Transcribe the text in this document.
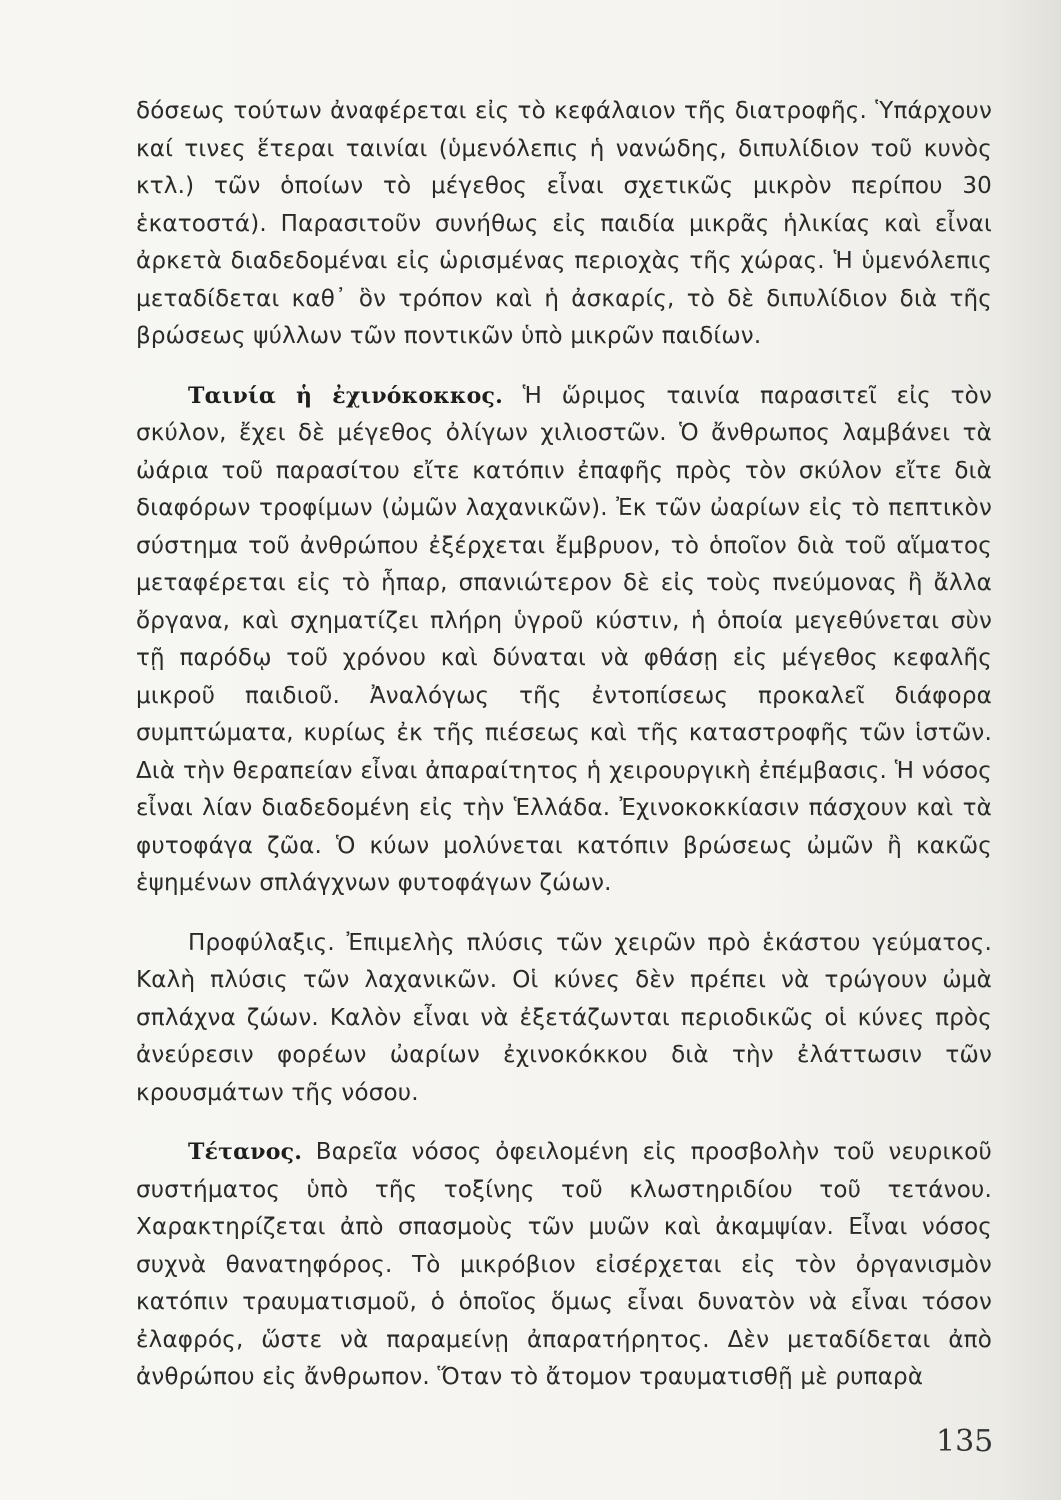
δόσεως τούτων ἀναφέρεται εἰς τὸ κεφάλαιον τῆς διατροφῆς. Ὑπάρχουν καί τινες ἕτεραι ταινίαι (ὑμενόλεπις ἡ νανώδης, διπυλίδιον τοῦ κυνὸς κτλ.) τῶν ὁποίων τὸ μέγεθος εἶναι σχετικῶς μικρὸν περίπου 30 ἑκατοστά). Παρασιτοῦν συνήθως εἰς παιδία μικρᾶς ἡλικίας καὶ εἶναι ἀρκετὰ διαδεδομέναι εἰς ὡρισμένας περιοχὰς τῆς χώρας. Ἡ ὑμενόλεπις μεταδίδεται καθ᾿ ὃν τρόπον καὶ ἡ ἀσκαρίς, τὸ δὲ διπυλίδιον διὰ τῆς βρώσεως ψύλλων τῶν ποντικῶν ὑπὸ μικρῶν παιδίων.

Ταινία ἡ ἐχινόκοκκος. Ἡ ὥριμος ταινία παρασιτεῖ εἰς τὸν σκύλον, ἔχει δὲ μέγεθος ὀλίγων χιλιοστῶν. Ὁ ἄνθρωπος λαμβάνει τὰ ὠάρια τοῦ παρασίτου εἴτε κατόπιν ἐπαφῆς πρὸς τὸν σκύλον εἴτε διὰ διαφόρων τροφίμων (ὠμῶν λαχανικῶν). Ἐκ τῶν ὠαρίων εἰς τὸ πεπτικὸν σύστημα τοῦ ἀνθρώπου ἐξέρχεται ἔμβρυον, τὸ ὁποῖον διὰ τοῦ αἵματος μεταφέρεται εἰς τὸ ἧπαρ, σπανιώτερον δὲ εἰς τοὺς πνεύμονας ἢ ἄλλα ὄργανα, καὶ σχηματίζει πλήρη ὑγροῦ κύστιν, ἡ ὁποία μεγεθύνεται σὺν τῇ παρόδῳ τοῦ χρόνου καὶ δύναται νὰ φθάσῃ εἰς μέγεθος κεφαλῆς μικροῦ παιδιοῦ. Ἀναλόγως τῆς ἐντοπίσεως προκαλεῖ διάφορα συμπτώματα, κυρίως ἐκ τῆς πιέσεως καὶ τῆς καταστροφῆς τῶν ἱστῶν. Διὰ τὴν θεραπείαν εἶναι ἀπαραίτητος ἡ χειρουργικὴ ἐπέμβασις. Ἡ νόσος εἶναι λίαν διαδεδομένη εἰς τὴν Ἑλλάδα. Ἐχινοκοκκίασιν πάσχουν καὶ τὰ φυτοφάγα ζῶα. Ὁ κύων μολύνεται κατόπιν βρώσεως ὠμῶν ἢ κακῶς ἑψημένων σπλάγχνων φυτοφάγων ζώων.

Προφύλαξις. Ἐπιμελὴς πλύσις τῶν χειρῶν πρὸ ἑκάστου γεύματος. Καλὴ πλύσις τῶν λαχανικῶν. Οἱ κύνες δὲν πρέπει νὰ τρώγουν ὠμὰ σπλάχνα ζώων. Καλὸν εἶναι νὰ ἐξετάζωνται περιοδικῶς οἱ κύνες πρὸς ἀνεύρεσιν φορέων ὠαρίων ἐχινοκόκκου διὰ τὴν ἐλάττωσιν τῶν κρουσμάτων τῆς νόσου.

Τέτανος. Βαρεῖα νόσος ὀφειλομένη εἰς προσβολὴν τοῦ νευρικοῦ συστήματος ὑπὸ τῆς τοξίνης τοῦ κλωστηριδίου τοῦ τετάνου. Χαρακτηρίζεται ἀπὸ σπασμοὺς τῶν μυῶν καὶ ἀκαμψίαν. Εἶναι νόσος συχνὰ θανατηφόρος. Τὸ μικρόβιον εἰσέρχεται εἰς τὸν ὀργανισμὸν κατόπιν τραυματισμοῦ, ὁ ὁποῖος ὅμως εἶναι δυνατὸν νὰ εἶναι τόσον ἐλαφρός, ὥστε νὰ παραμείνῃ ἀπαρατήρητος. Δὲν μεταδίδεται ἀπὸ ἀνθρώπου εἰς ἄνθρωπον. Ὅταν τὸ ἄτομον τραυματισθῇ μὲ ρυπαρὰ

135
